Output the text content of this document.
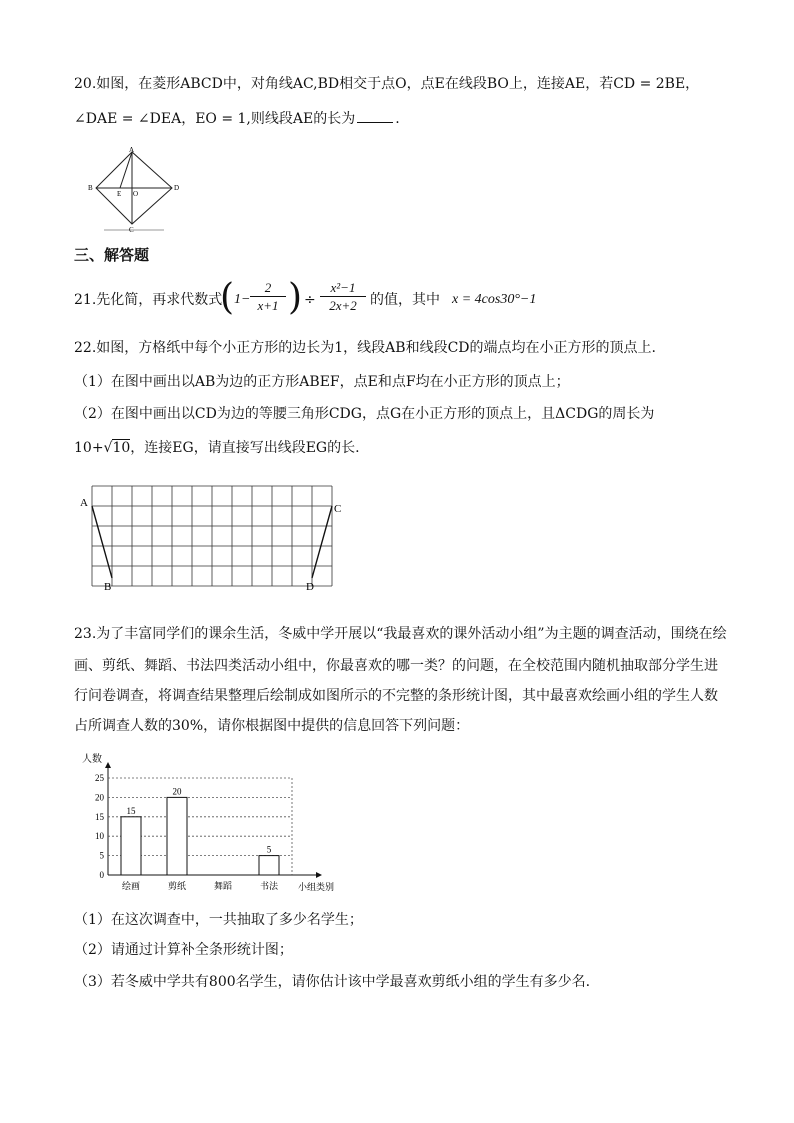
20.如图，在菱形ABCD中，对角线AC,BD相交于点O，点E在线段BO上，连接AE，若CD = 2BE，
∠DAE = ∠DEA，EO = 1,则线段AE的长为	.
A
B
C
D
E O
三、解答题
21.先化简，再求代数式
( $1- \frac{2}{x+1}$ ) ÷ $\frac{\text{x²−1}}{2x+2}$ 的值，其中 x = 4cos30°−1
22.如图，方格纸中每个小正方形的边长为1，线段AB和线段CD的端点均在小正方形的顶点上.
（1）在图中画出以AB为边的正方形ABEF，点E和点F均在小正方形的顶点上；
（2）在图中画出以CD为边的等腰三角形CDG，点G在小正方形的顶点上，且ΔCDG的周长为
10+√10，连接EG，请直接写出线段EG的长.
A
B
C
D
23.为了丰富同学们的课余生活，冬威中学开展以“我最喜欢的课外活动小组”为主题的调查活动，围绕在绘
画、剪纸、舞蹈、书法四类活动小组中，你最喜欢的哪一类？的问题，在全校范围内随机抽取部分学生进
行问卷调查，将调查结果整理后绘制成如图所示的不完整的条形统计图，其中最喜欢绘画小组的学生人数
占所调查人数的30%，请你根据图中提供的信息回答下列问题：
人数
小组类别
0
5
10
15
20
25
15
20
5
绘画	剪纸	舞蹈	书法
（1）在这次调查中，一共抽取了多少名学生；
（2）请通过计算补全条形统计图；
（3）若冬威中学共有800名学生，请你估计该中学最喜欢剪纸小组的学生有多少名.
